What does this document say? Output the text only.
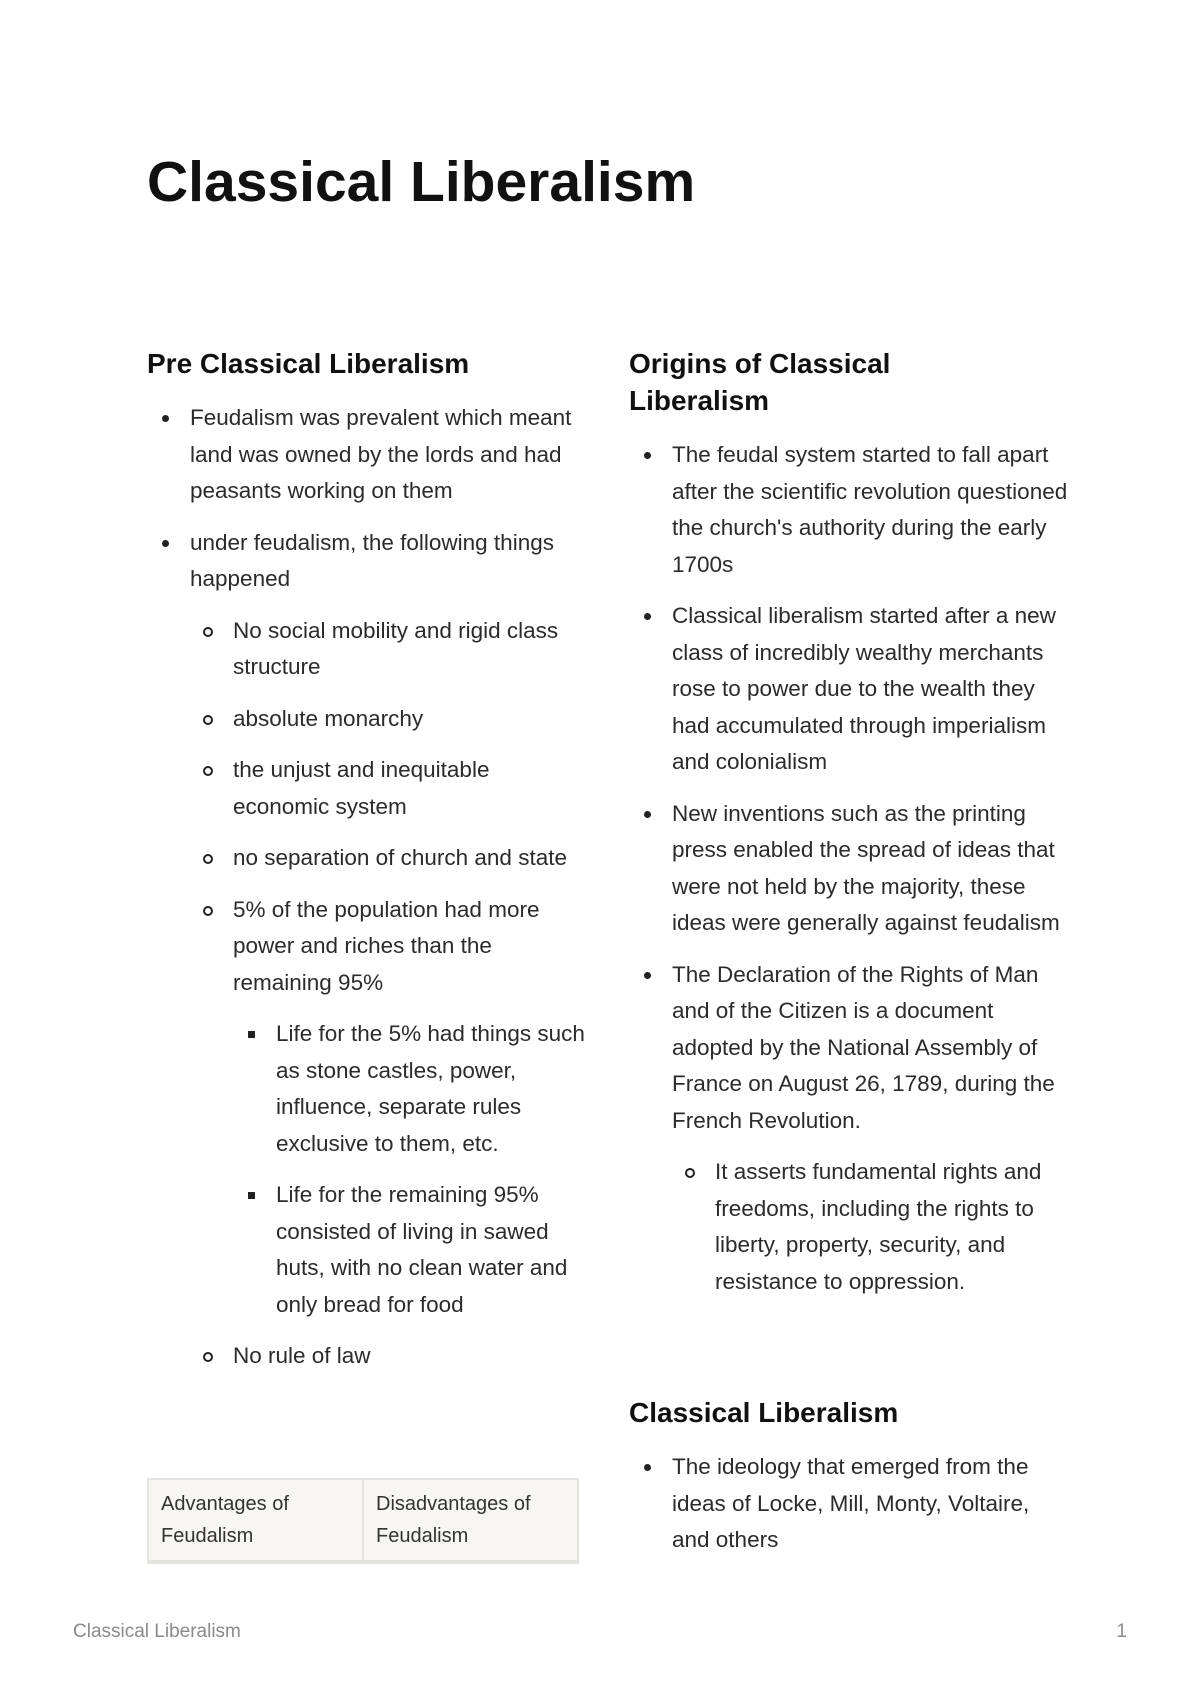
Classical Liberalism
Pre Classical Liberalism
Feudalism was prevalent which meant land was owned by the lords and had peasants working on them
under feudalism, the following things happened
No social mobility and rigid class structure
absolute monarchy
the unjust and inequitable economic system
no separation of church and state
5% of the population had more power and riches than the remaining 95%
Life for the 5% had things such as stone castles, power, influence, separate rules exclusive to them, etc.
Life for the remaining 95% consisted of living in sawed huts, with no clean water and only bread for food
No rule of law
Advantages of Feudalism	Disadvantages of Feudalism

Origins of Classical Liberalism
The feudal system started to fall apart after the scientific revolution questioned the church's authority during the early 1700s
Classical liberalism started after a new class of incredibly wealthy merchants rose to power due to the wealth they had accumulated through imperialism and colonialism
New inventions such as the printing press enabled the spread of ideas that were not held by the majority, these ideas were generally against feudalism
The Declaration of the Rights of Man and of the Citizen is a document adopted by the National Assembly of France on August 26, 1789, during the French Revolution.
It asserts fundamental rights and freedoms, including the rights to liberty, property, security, and resistance to oppression.
Classical Liberalism
The ideology that emerged from the ideas of Locke, Mill, Monty, Voltaire, and others
Classical Liberalism	1
